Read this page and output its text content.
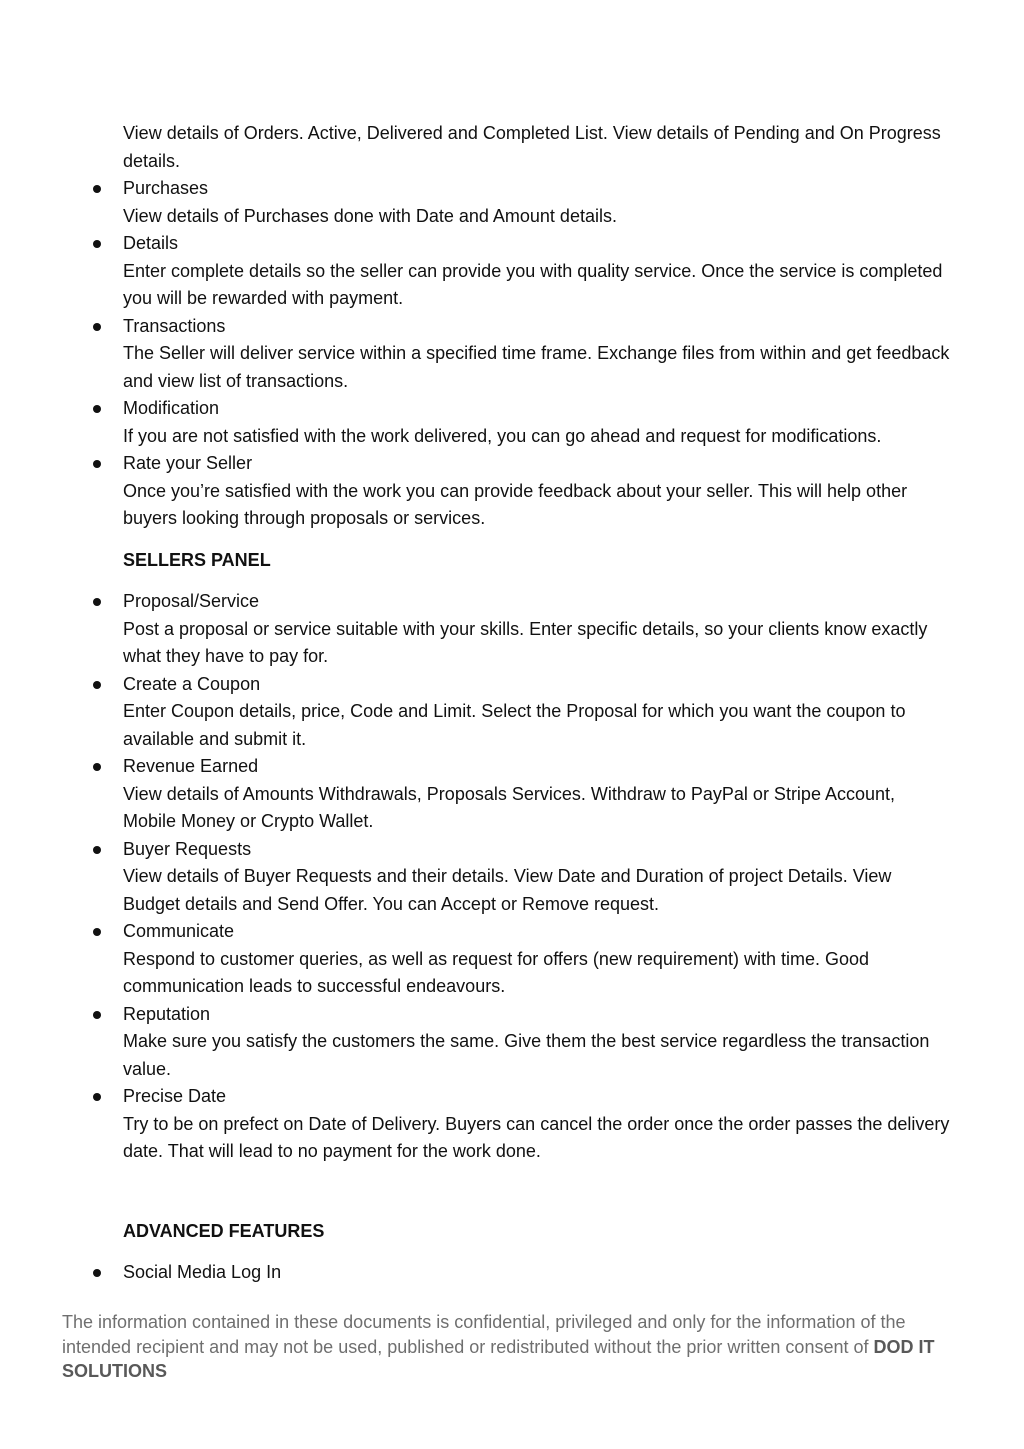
View details of Orders. Active, Delivered and Completed List. View details of Pending and On Progress details.

Purchases
View details of Purchases done with Date and Amount details.
Details
Enter complete details so the seller can provide you with quality service. Once the service is completed you will be rewarded with payment.
Transactions
The Seller will deliver service within a specified time frame. Exchange files from within and get feedback and view list of transactions.
Modification
If you are not satisfied with the work delivered, you can go ahead and request for modifications.
Rate your Seller
Once you’re satisfied with the work you can provide feedback about your seller. This will help other buyers looking through proposals or services.
SELLERS PANEL
Proposal/Service
Post a proposal or service suitable with your skills. Enter specific details, so your clients know exactly what they have to pay for.
Create a Coupon
Enter Coupon details, price, Code and Limit. Select the Proposal for which you want the coupon to available and submit it.
Revenue Earned
View details of Amounts Withdrawals, Proposals Services. Withdraw to PayPal or Stripe Account, Mobile Money or Crypto Wallet.
Buyer Requests
View details of Buyer Requests and their details. View Date and Duration of project Details. View Budget details and Send Offer. You can Accept or Remove request.
Communicate
Respond to customer queries, as well as request for offers (new requirement) with time. Good communication leads to successful endeavours.
Reputation
Make sure you satisfy the customers the same. Give them the best service regardless the transaction value.
Precise Date
Try to be on prefect on Date of Delivery. Buyers can cancel the order once the order passes the delivery date. That will lead to no payment for the work done.
ADVANCED FEATURES
Social Media Log In
The information contained in these documents is confidential, privileged and only for the information of the intended recipient and may not be used, published or redistributed without the prior written consent of DOD IT SOLUTIONS
